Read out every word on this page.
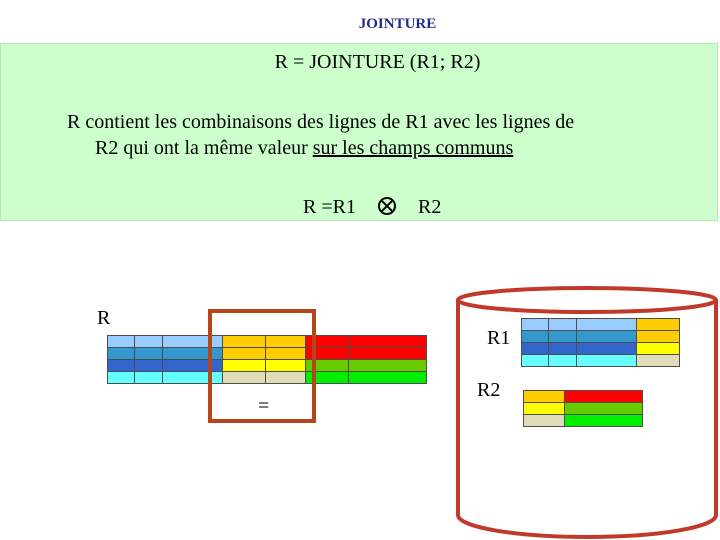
JOINTURE
R = JOINTURE (R1; R2)
R contient les combinaisons des lignes de R1 avec les lignes de
R2 qui ont la même valeur sur les champs communs
R =R1	R2
R
R1
R2
=
